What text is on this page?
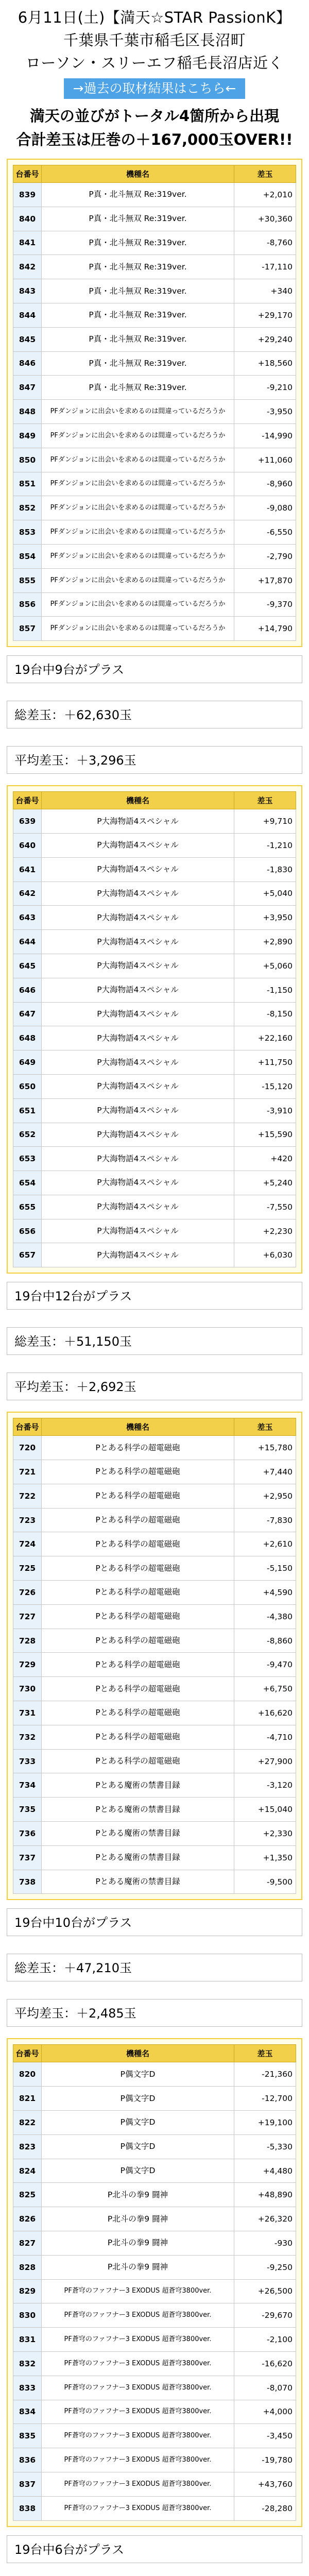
6月11日(土)【満天☆STAR PassionK】
千葉県千葉市稲毛区長沼町
ローソン・スリーエフ稲毛長沼店近く
→過去の取材結果はこちら←
満天の並びがトータル4箇所から出現
合計差玉は圧巻の＋167,000玉OVER!!
台番号	機種名	差玉
839	P真・北斗無双 Re:319ver.	+2,010
840	P真・北斗無双 Re:319ver.	+30,360
841	P真・北斗無双 Re:319ver.	-8,760
842	P真・北斗無双 Re:319ver.	-17,110
843	P真・北斗無双 Re:319ver.	+340
844	P真・北斗無双 Re:319ver.	+29,170
845	P真・北斗無双 Re:319ver.	+29,240
846	P真・北斗無双 Re:319ver.	+18,560
847	P真・北斗無双 Re:319ver.	-9,210
848	PFダンジョンに出会いを求めるのは間違っているだろうか	-3,950
849	PFダンジョンに出会いを求めるのは間違っているだろうか	-14,990
850	PFダンジョンに出会いを求めるのは間違っているだろうか	+11,060
851	PFダンジョンに出会いを求めるのは間違っているだろうか	-8,960
852	PFダンジョンに出会いを求めるのは間違っているだろうか	-9,080
853	PFダンジョンに出会いを求めるのは間違っているだろうか	-6,550
854	PFダンジョンに出会いを求めるのは間違っているだろうか	-2,790
855	PFダンジョンに出会いを求めるのは間違っているだろうか	+17,870
856	PFダンジョンに出会いを求めるのは間違っているだろうか	-9,370
857	PFダンジョンに出会いを求めるのは間違っているだろうか	+14,790
19台中9台がプラス
総差玉：＋62,630玉
平均差玉：＋3,296玉
台番号	機種名	差玉
639	P大海物語4スペシャル	+9,710
640	P大海物語4スペシャル	-1,210
641	P大海物語4スペシャル	-1,830
642	P大海物語4スペシャル	+5,040
643	P大海物語4スペシャル	+3,950
644	P大海物語4スペシャル	+2,890
645	P大海物語4スペシャル	+5,060
646	P大海物語4スペシャル	-1,150
647	P大海物語4スペシャル	-8,150
648	P大海物語4スペシャル	+22,160
649	P大海物語4スペシャル	+11,750
650	P大海物語4スペシャル	-15,120
651	P大海物語4スペシャル	-3,910
652	P大海物語4スペシャル	+15,590
653	P大海物語4スペシャル	+420
654	P大海物語4スペシャル	+5,240
655	P大海物語4スペシャル	-7,550
656	P大海物語4スペシャル	+2,230
657	P大海物語4スペシャル	+6,030
19台中12台がプラス
総差玉：＋51,150玉
平均差玉：＋2,692玉
台番号	機種名	差玉
720	Pとある科学の超電磁砲	+15,780
721	Pとある科学の超電磁砲	+7,440
722	Pとある科学の超電磁砲	+2,950
723	Pとある科学の超電磁砲	-7,830
724	Pとある科学の超電磁砲	+2,610
725	Pとある科学の超電磁砲	-5,150
726	Pとある科学の超電磁砲	+4,590
727	Pとある科学の超電磁砲	-4,380
728	Pとある科学の超電磁砲	-8,860
729	Pとある科学の超電磁砲	-9,470
730	Pとある科学の超電磁砲	+6,750
731	Pとある科学の超電磁砲	+16,620
732	Pとある科学の超電磁砲	-4,710
733	Pとある科学の超電磁砲	+27,900
734	Pとある魔術の禁書目録	-3,120
735	Pとある魔術の禁書目録	+15,040
736	Pとある魔術の禁書目録	+2,330
737	Pとある魔術の禁書目録	+1,350
738	Pとある魔術の禁書目録	-9,500
19台中10台がプラス
総差玉：＋47,210玉
平均差玉：＋2,485玉
台番号	機種名	差玉
820	P偶文字D	-21,360
821	P偶文字D	-12,700
822	P偶文字D	+19,100
823	P偶文字D	-5,330
824	P偶文字D	+4,480
825	P北斗の拳9 闘神	+48,890
826	P北斗の拳9 闘神	+26,320
827	P北斗の拳9 闘神	-930
828	P北斗の拳9 闘神	-9,250
829	PF蒼穹のファフナー3 EXODUS 超蒼穹3800ver.	+26,500
830	PF蒼穹のファフナー3 EXODUS 超蒼穹3800ver.	-29,670
831	PF蒼穹のファフナー3 EXODUS 超蒼穹3800ver.	-2,100
832	PF蒼穹のファフナー3 EXODUS 超蒼穹3800ver.	-16,620
833	PF蒼穹のファフナー3 EXODUS 超蒼穹3800ver.	-8,070
834	PF蒼穹のファフナー3 EXODUS 超蒼穹3800ver.	+4,000
835	PF蒼穹のファフナー3 EXODUS 超蒼穹3800ver.	-3,450
836	PF蒼穹のファフナー3 EXODUS 超蒼穹3800ver.	-19,780
837	PF蒼穹のファフナー3 EXODUS 超蒼穹3800ver.	+43,760
838	PF蒼穹のファフナー3 EXODUS 超蒼穹3800ver.	-28,280
19台中6台がプラス
